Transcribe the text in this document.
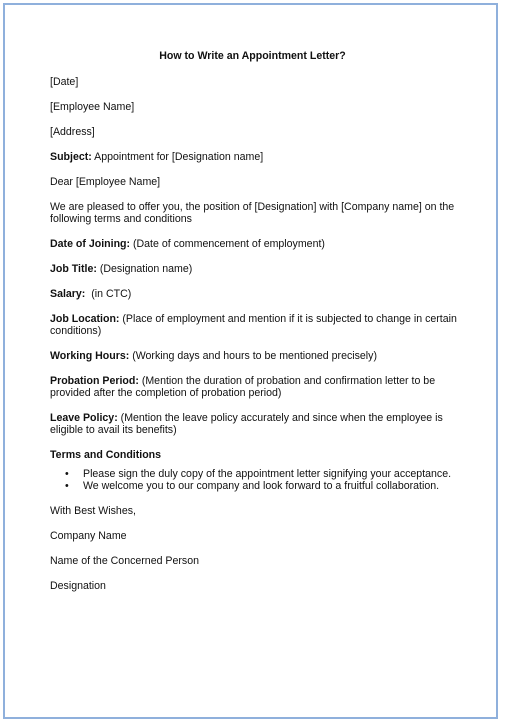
How to Write an Appointment Letter?
[Date]
[Employee Name]
[Address]
Subject: Appointment for [Designation name]
Dear [Employee Name]
We are pleased to offer you, the position of [Designation] with [Company name] on the following terms and conditions
Date of Joining: (Date of commencement of employment)
Job Title: (Designation name)
Salary:  (in CTC)
Job Location: (Place of employment and mention if it is subjected to change in certain conditions)
Working Hours: (Working days and hours to be mentioned precisely)
Probation Period: (Mention the duration of probation and confirmation letter to be provided after the completion of probation period)
Leave Policy: (Mention the leave policy accurately and since when the employee is eligible to avail its benefits)
Terms and Conditions
• Please sign the duly copy of the appointment letter signifying your acceptance.
• We welcome you to our company and look forward to a fruitful collaboration.
With Best Wishes,
Company Name
Name of the Concerned Person
Designation
